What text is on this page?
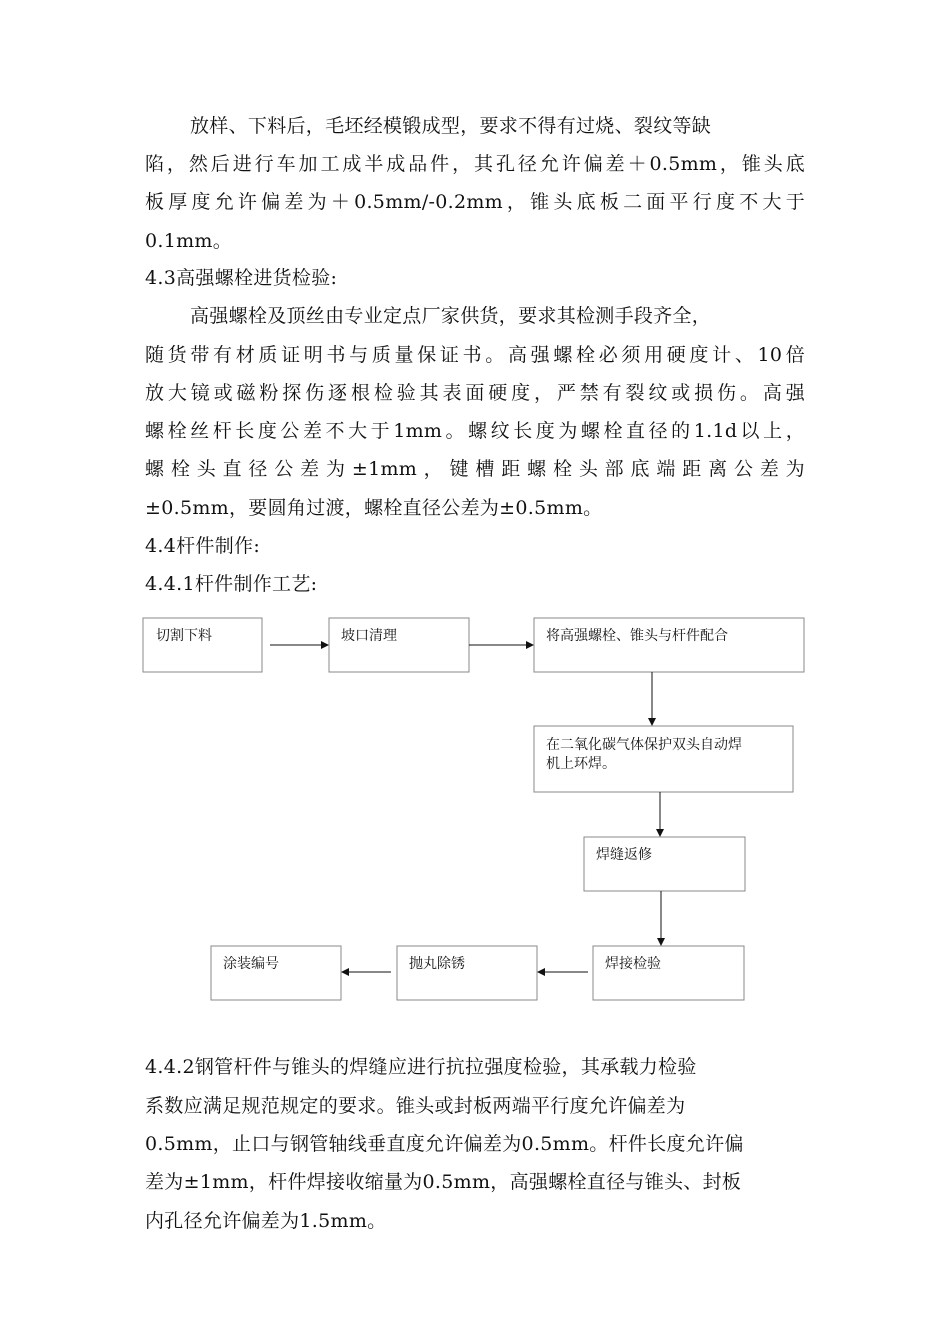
放样、下料后，毛坯经模锻成型，要求不得有过烧、裂纹等缺
陷，然后进行车加工成半成品件，其孔径允许偏差＋0.5mm，锥头底
板厚度允许偏差为＋0.5mm/-0.2mm，锥头底板二面平行度不大于
0.1mm。
4.3高强螺栓进货检验:
高强螺栓及顶丝由专业定点厂家供货，要求其检测手段齐全，
随货带有材质证明书与质量保证书。高强螺栓必须用硬度计、10倍
放大镜或磁粉探伤逐根检验其表面硬度，严禁有裂纹或损伤。高强
螺栓丝杆长度公差不大于1mm。螺纹长度为螺栓直径的1.1d以上，
螺栓头直径公差为±1mm，键槽距螺栓头部底端距离公差为
±0.5mm，要圆角过渡，螺栓直径公差为±0.5mm。
4.4杆件制作:
4.4.1杆件制作工艺:
切割下料	坡口清理	将高强螺栓、锥头与杆件配合
在二氧化碳气体保护双头自动焊
机上环焊。
焊缝返修
焊接检验
抛丸除锈
涂装编号
4.4.2钢管杆件与锥头的焊缝应进行抗拉强度检验，其承载力检验
系数应满足规范规定的要求。锥头或封板两端平行度允许偏差为
0.5mm，止口与钢管轴线垂直度允许偏差为0.5mm。杆件长度允许偏
差为±1mm，杆件焊接收缩量为0.5mm，高强螺栓直径与锥头、封板
内孔径允许偏差为1.5mm。
